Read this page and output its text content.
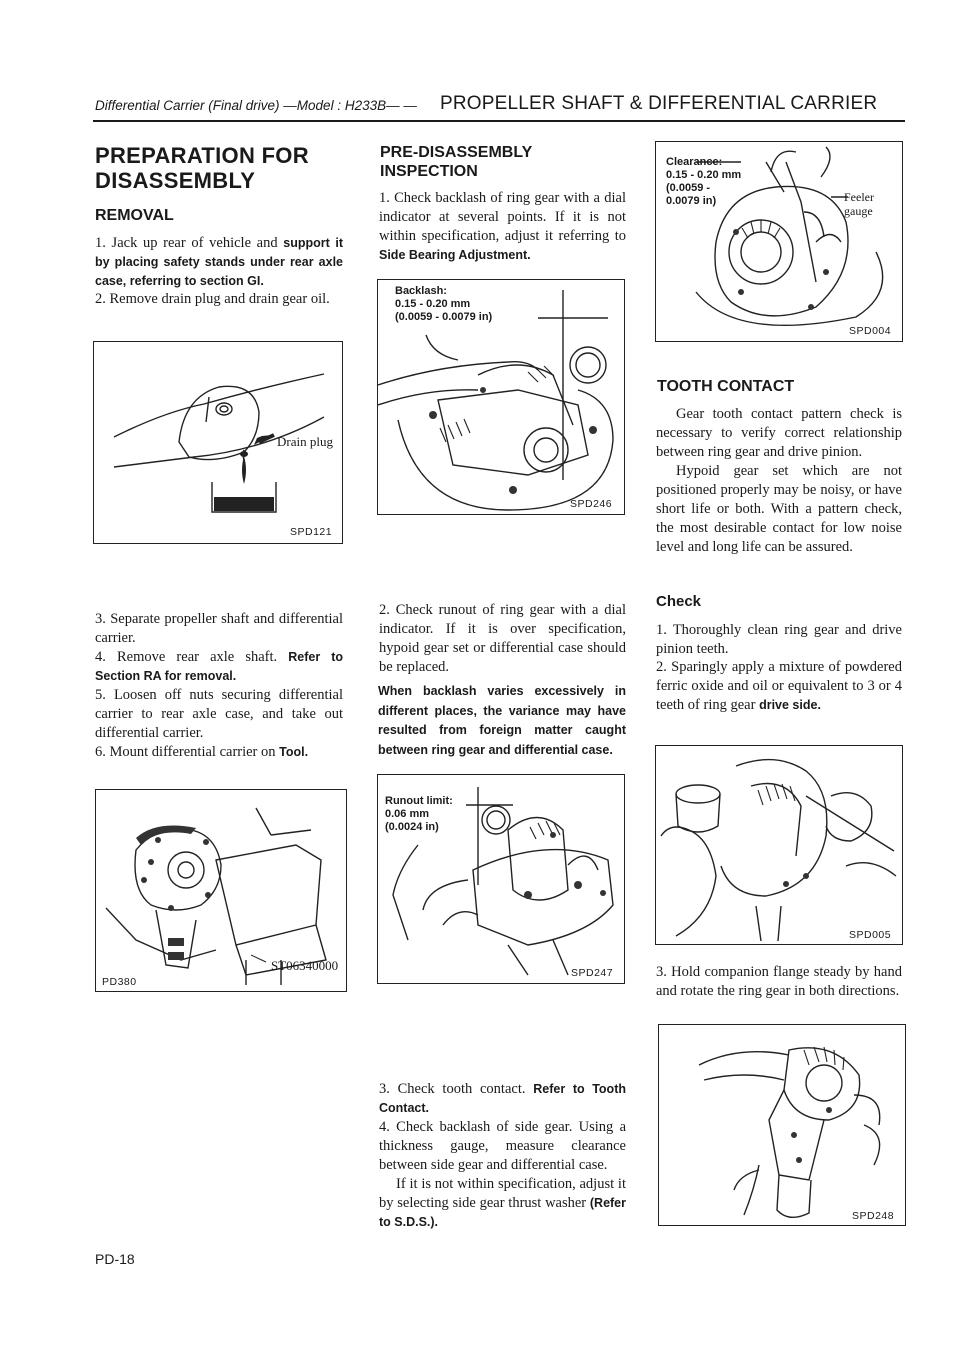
Differential Carrier (Final drive) —Model : H233B— — PROPELLER SHAFT & DIFFERENTIAL CARRIER
PREPARATION FOR
DISASSEMBLY
REMOVAL
1. Jack up rear of vehicle and support it by placing safety stands under rear axle case, referring to section GI.
2. Remove drain plug and drain gear oil.
Drain plug
SPD121
3. Separate propeller shaft and differential carrier.
4. Remove rear axle shaft. Refer to Section RA for removal.
5. Loosen off nuts securing differential carrier to rear axle case, and take out differential carrier.
6. Mount differential carrier on Tool.
ST06340000
PD380
PRE-DISASSEMBLY
INSPECTION
1. Check backlash of ring gear with a dial indicator at several points. If it is not within specification, adjust it referring to Side Bearing Adjustment.
Backlash:
0.15 - 0.20 mm
(0.0059 - 0.0079 in)
SPD246
2. Check runout of ring gear with a dial indicator. If it is over specification, hypoid gear set or differential case should be replaced.
When backlash varies excessively in different places, the variance may have resulted from foreign matter caught between ring gear and differential case.
Runout limit:
0.06 mm
(0.0024 in)
SPD247
3. Check tooth contact. Refer to Tooth Contact.
4. Check backlash of side gear. Using a thickness gauge, measure clearance between side gear and differential case.
If it is not within specification, adjust it by selecting side gear thrust washer (Refer to S.D.S.).
Clearance:
0.15 - 0.20 mm
(0.0059 -
0.0079 in)	Feeler
gauge
SPD004
TOOTH CONTACT
Gear tooth contact pattern check is necessary to verify correct relationship between ring gear and drive pinion.
Hypoid gear set which are not positioned properly may be noisy, or have short life or both. With a pattern check, the most desirable contact for low noise level and long life can be assured.
Check
1. Thoroughly clean ring gear and drive pinion teeth.
2. Sparingly apply a mixture of powdered ferric oxide and oil or equivalent to 3 or 4 teeth of ring gear drive side.
SPD005
3. Hold companion flange steady by hand and rotate the ring gear in both directions.
SPD248
PD-18
